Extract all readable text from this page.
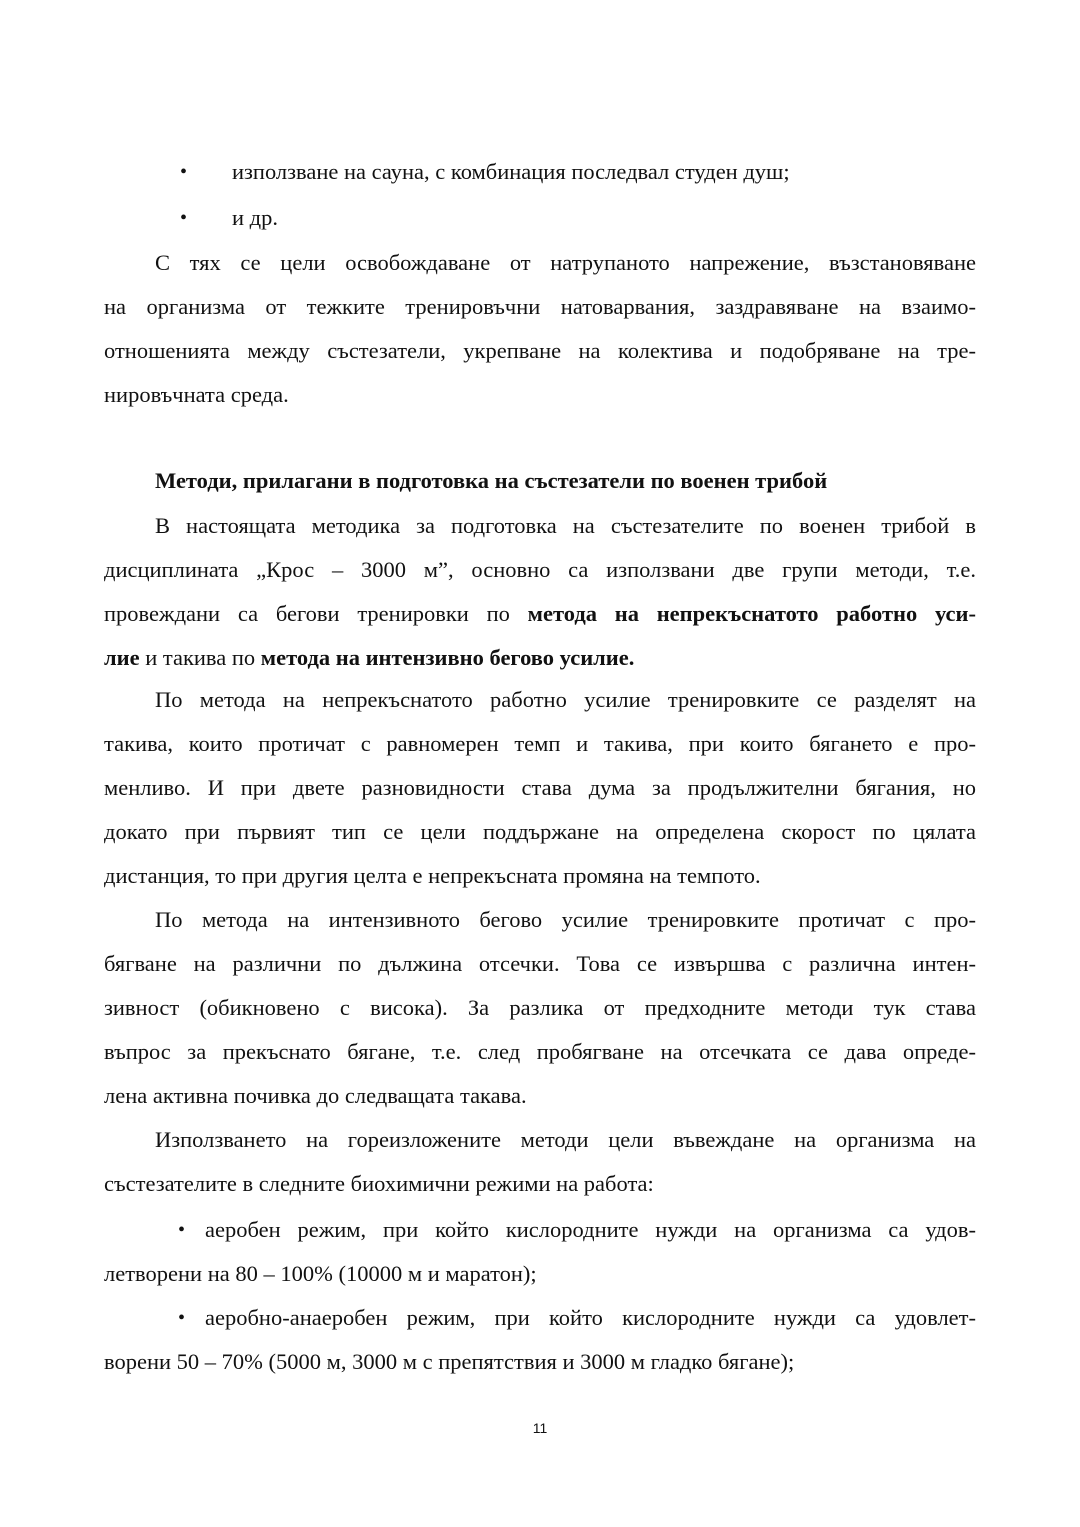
• използване на сауна, с комбинация последвал студен душ;
• и др.
С тях се цели освобождаване от натрупаното напрежение, възстановяване
на организма от тежките тренировъчни натоварвания, заздравяване на взаимо-
отношенията между състезатели, укрепване на колектива и подобряване на тре-
нировъчната среда.
Методи, прилагани в подготовка на състезатели по военен трибой
В настоящата методика за подготовка на състезателите по военен трибой в
дисциплината „Крос – 3000 м”, основно са използвани две групи методи, т.е.
провеждани са бегови тренировки по метода на непрекъснатото работно уси-
лие и такива по метода на интензивно бегово усилие.
По метода на непрекъснатото работно усилие тренировките се разделят на
такива, които протичат с равномерен темп и такива, при които бягането е про-
менливо. И при двете разновидности става дума за продължителни бягания, но
докато при първият тип се цели поддържане на определена скорост по цялата
дистанция, то при другия целта е непрекъсната промяна на темпото.
По метода на интензивното бегово усилие тренировките протичат с про-
бягване на различни по дължина отсечки. Това се извършва с различна интен-
зивност (обикновено с висока). За разлика от предходните методи тук става
въпрос за прекъснато бягане, т.е. след пробягване на отсечката се дава опреде-
лена активна почивка до следващата такава.
Използването на гореизложените методи цели въвеждане на организма на
състезателите в следните биохимични режими на работа:
• аеробен режим, при който кислородните нужди на организма са удов-
летворени на 80 – 100% (10000 м и маратон);
• аеробно-анаеробен режим, при който кислородните нужди са удовлет-
ворени 50 – 70% (5000 м, 3000 м с препятствия и 3000 м гладко бягане);
11
